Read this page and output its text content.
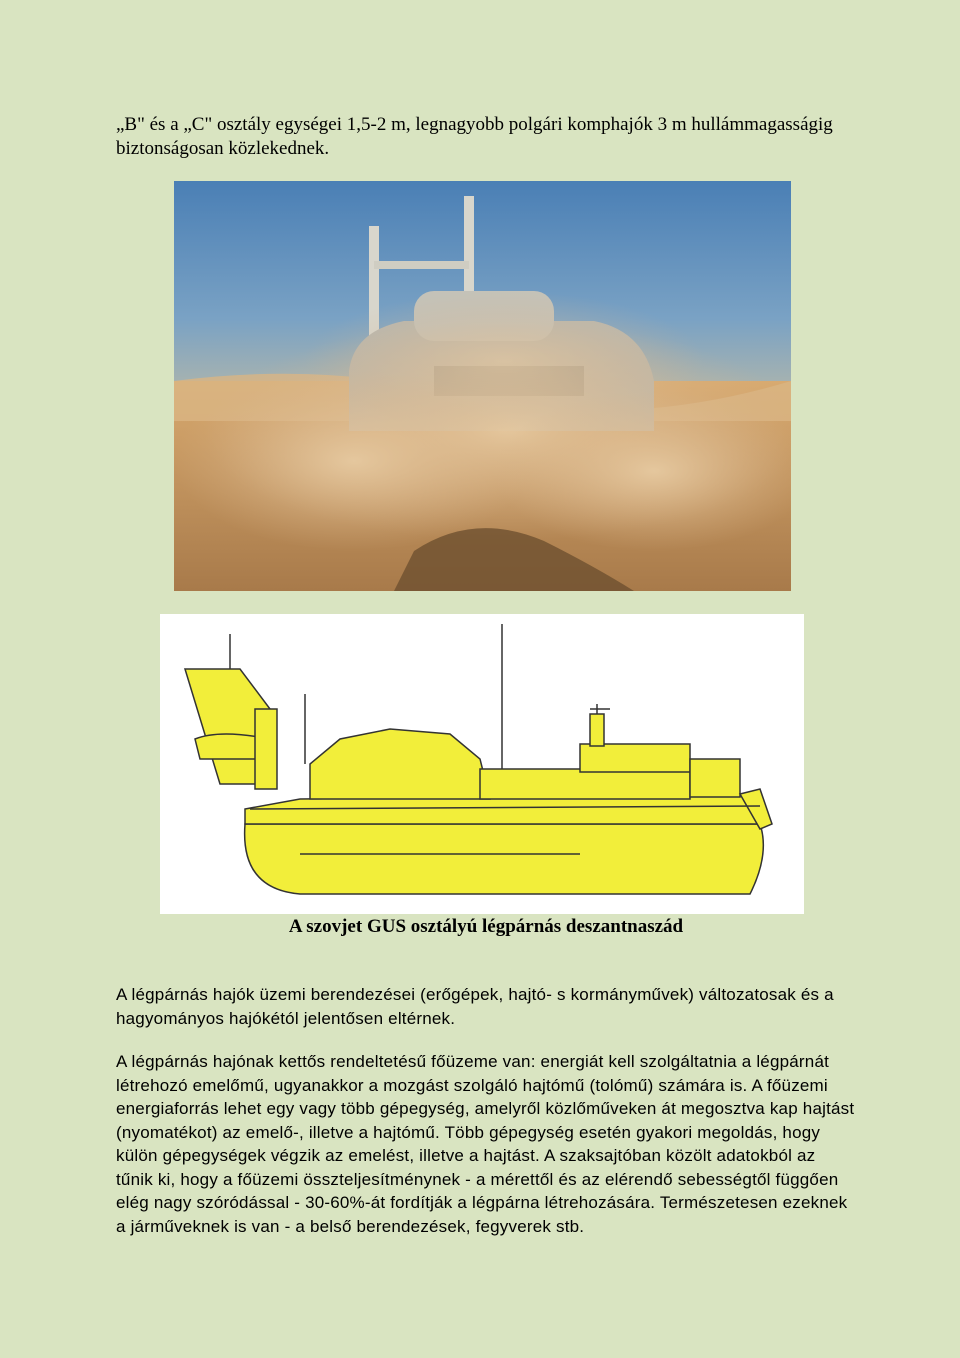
„B" és a „C" osztály egységei 1,5-2 m, legnagyobb polgári komphajók 3 m hullámmagasságig biztonságosan közlekednek.

A szovjet GUS osztályú légpárnás deszantnaszád

A légpárnás hajók üzemi berendezései (erőgépek, hajtó- s kormányművek) változatosak és a hagyományos hajókétól jelentősen eltérnek.

A légpárnás hajónak kettős rendeltetésű főüzeme van: energiát kell szolgáltatnia a légpárnát létrehozó emelőmű, ugyanakkor a mozgást szolgáló hajtómű (tolómű) számára is. A főüzemi energiaforrás lehet egy vagy több gépegység, amelyről közlőműveken át megosztva kap hajtást (nyomatékot) az emelő-, illetve a hajtómű. Több gépegység esetén gyakori megoldás, hogy külön gépegységek végzik az emelést, illetve a hajtást. A szaksajtóban közölt adatokból az tűnik ki, hogy a főüzemi összteljesítménynek - a mérettől és az elérendő sebességtől függően elég nagy szóródással - 30-60%-át fordítják a légpárna létrehozására. Természetesen ezeknek a járműveknek is van - a belső berendezések, fegyverek stb.
